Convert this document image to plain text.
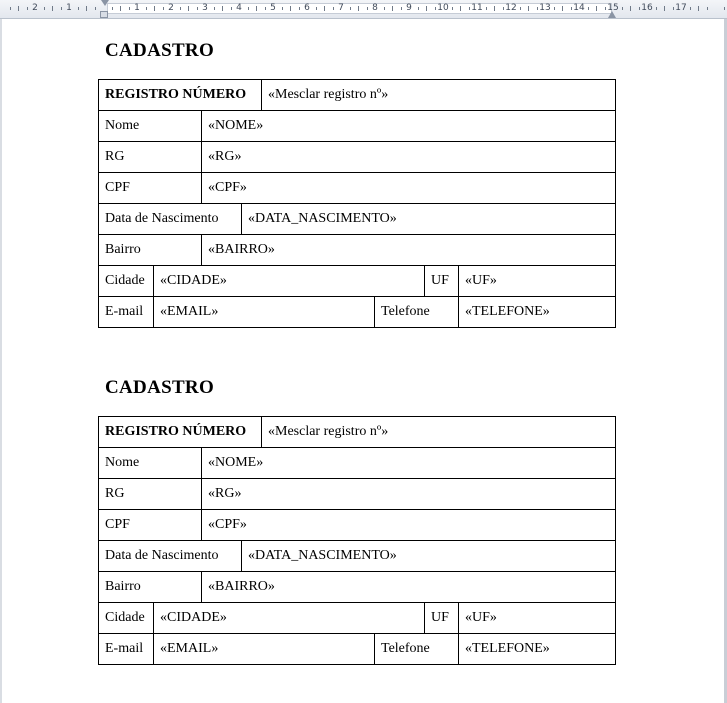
2	1	1	2	3	4	5	6	7	8	9	10	11	12	13	14	15	16	17
CADASTRO
REGISTRO NÚMERO				«Mesclar registro nº»			
Nome		«NOME»					
RG		«RG»					
CPF		«CPF»					
Data de Nascimento			«DATA_NASCIMENTO»				
Bairro		«BAIRRO»					
Cidade	«CIDADE»					UF	«UF»
E-mail	«EMAIL»				Telefone		«TELEFONE»
CADASTRO
REGISTRO NÚMERO				«Mesclar registro nº»			
Nome		«NOME»					
RG		«RG»					
CPF		«CPF»					
Data de Nascimento			«DATA_NASCIMENTO»				
Bairro		«BAIRRO»					
Cidade	«CIDADE»					UF	«UF»
E-mail	«EMAIL»				Telefone		«TELEFONE»
